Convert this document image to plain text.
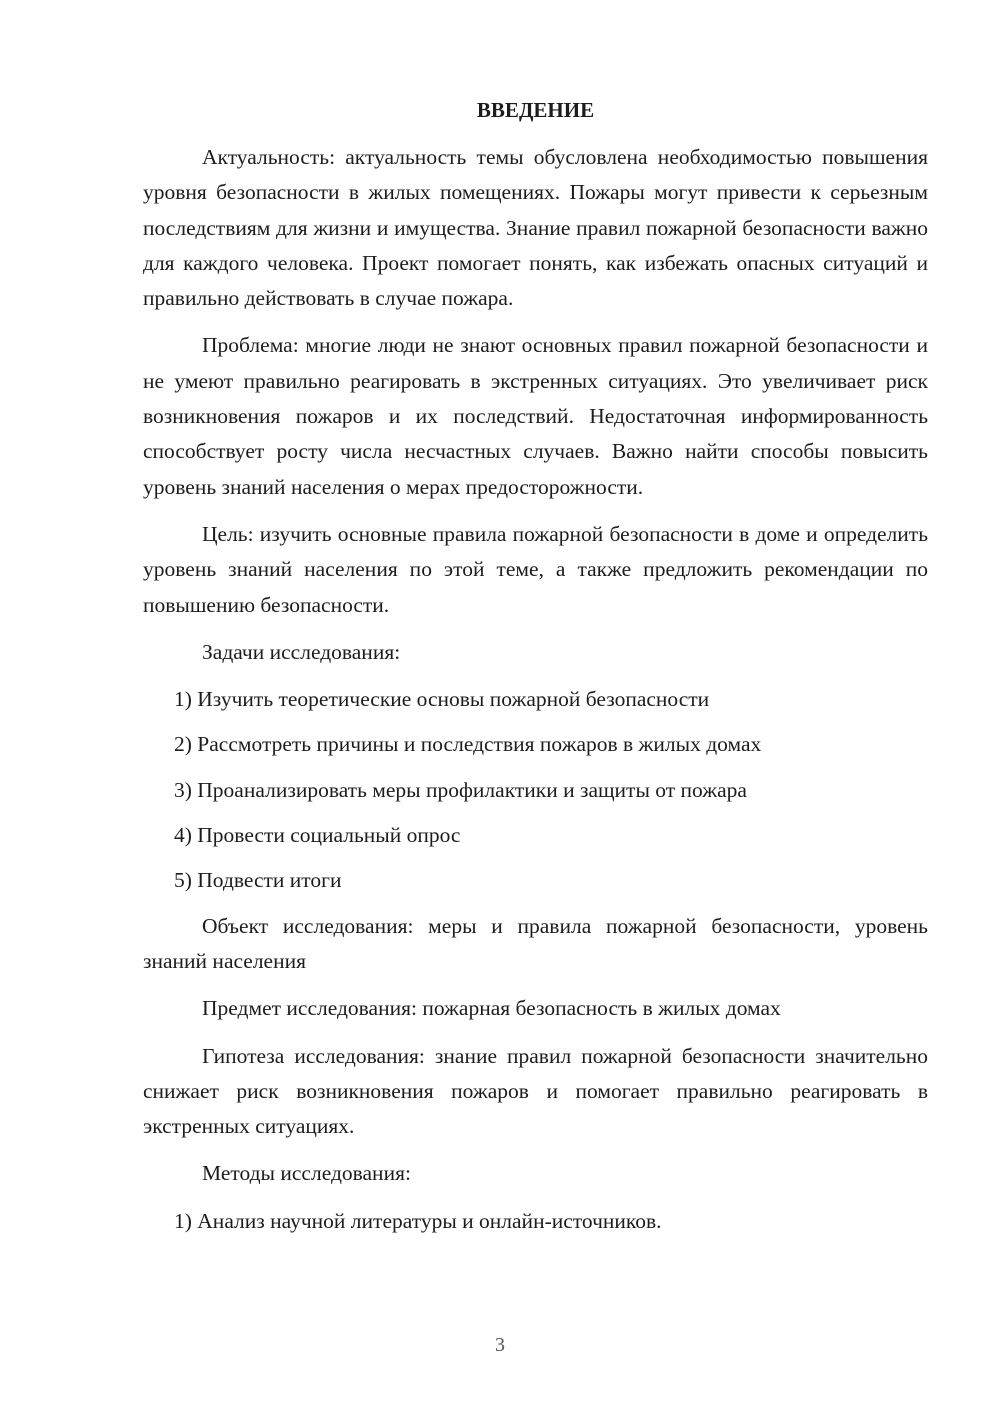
ВВЕДЕНИЕ

Актуальность: актуальность темы обусловлена необходимостью повышения уровня безопасности в жилых помещениях. Пожары могут привести к серьезным последствиям для жизни и имущества. Знание правил пожарной безопасности важно для каждого человека. Проект помогает понять, как избежать опасных ситуаций и правильно действовать в случае пожара.

Проблема: многие люди не знают основных правил пожарной безопасности и не умеют правильно реагировать в экстренных ситуациях. Это увеличивает риск возникновения пожаров и их последствий. Недостаточная информированность способствует росту числа несчастных случаев. Важно найти способы повысить уровень знаний населения о мерах предосторожности.

Цель: изучить основные правила пожарной безопасности в доме и определить уровень знаний населения по этой теме, а также предложить рекомендации по повышению безопасности.

Задачи исследования:

1) Изучить теоретические основы пожарной безопасности
2) Рассмотреть причины и последствия пожаров в жилых домах
3) Проанализировать меры профилактики и защиты от пожара
4) Провести социальный опрос
5) Подвести итоги

Объект исследования: меры и правила пожарной безопасности, уровень знаний населения

Предмет исследования: пожарная безопасность в жилых домах

Гипотеза исследования: знание правил пожарной безопасности значительно снижает риск возникновения пожаров и помогает правильно реагировать в экстренных ситуациях.

Методы исследования:

1) Анализ научной литературы и онлайн-источников.
3
